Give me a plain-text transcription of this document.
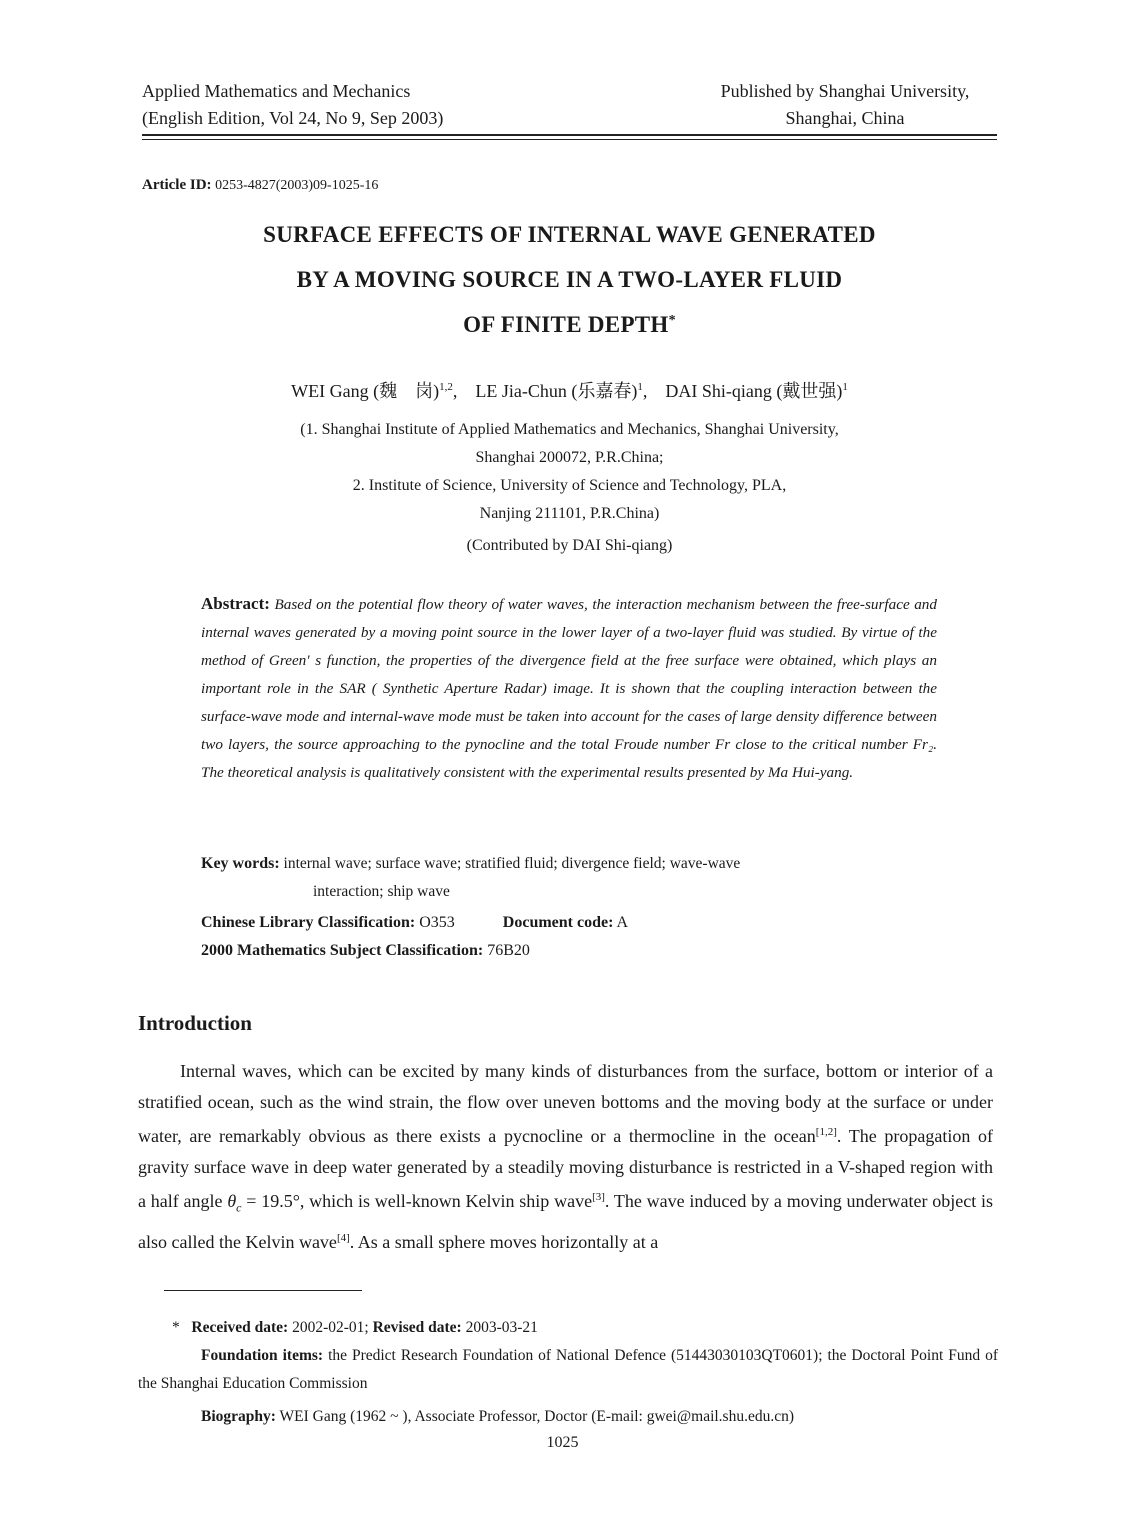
Applied Mathematics and Mechanics
(English Edition, Vol 24, No 9, Sep 2003)
Published by Shanghai University,
Shanghai, China
Article ID: 0253-4827(2003)09-1025-16
SURFACE EFFECTS OF INTERNAL WAVE GENERATED
BY A MOVING SOURCE IN A TWO-LAYER FLUID
OF FINITE DEPTH*
WEI Gang (魏　岗)$^{1,2}$,    LE Jia-Chun (乐嘉春)$^1$,    DAI Shi-qiang (戴世强)$^1$
(1. Shanghai Institute of Applied Mathematics and Mechanics, Shanghai University,
Shanghai 200072, P.R.China;
2. Institute of Science, University of Science and Technology, PLA,
Nanjing 211101, P.R.China)
(Contributed by DAI Shi-qiang)
Abstract: Based on the potential flow theory of water waves, the interaction mechanism between the free-surface and internal waves generated by a moving point source in the lower layer of a two-layer fluid was studied. By virtue of the method of Green' s function, the properties of the divergence field at the free surface were obtained, which plays an important role in the SAR ( Synthetic Aperture Radar) image. It is shown that the coupling interaction between the surface-wave mode and internal-wave mode must be taken into account for the cases of large density difference between two layers, the source approaching to the pynocline and the total Froude number Fr close to the critical number Fr₂. The theoretical analysis is qualitatively consistent with the experimental results presented by Ma Hui-yang.
Key words: internal wave; surface wave; stratified fluid; divergence field; wave-wave
interaction; ship wave
Chinese Library Classification: O353	Document code: A
2000 Mathematics Subject Classification: 76B20
Introduction
Internal waves, which can be excited by many kinds of disturbances from the surface, bottom or interior of a stratified ocean, such as the wind strain, the flow over uneven bottoms and the moving body at the surface or under water, are remarkably obvious as there exists a pycnocline or a thermocline in the ocean[1,2]. The propagation of gravity surface wave in deep water generated by a steadily moving disturbance is restricted in a V-shaped region with a half angle $\theta_c = 19.5^\circ$, which is well-known Kelvin ship wave[3]. The wave induced by a moving underwater object is also called the Kelvin wave[4]. As a small sphere moves horizontally at a
* Received date: 2002-02-01; Revised date: 2003-03-21
Foundation items: the Predict Research Foundation of National Defence (51443030103QT0601); the Doctoral Point Fund of the Shanghai Education Commission
Biography: WEI Gang (1962 ~ ), Associate Professor, Doctor (E-mail: gwei@mail.shu.edu.cn)
1025
